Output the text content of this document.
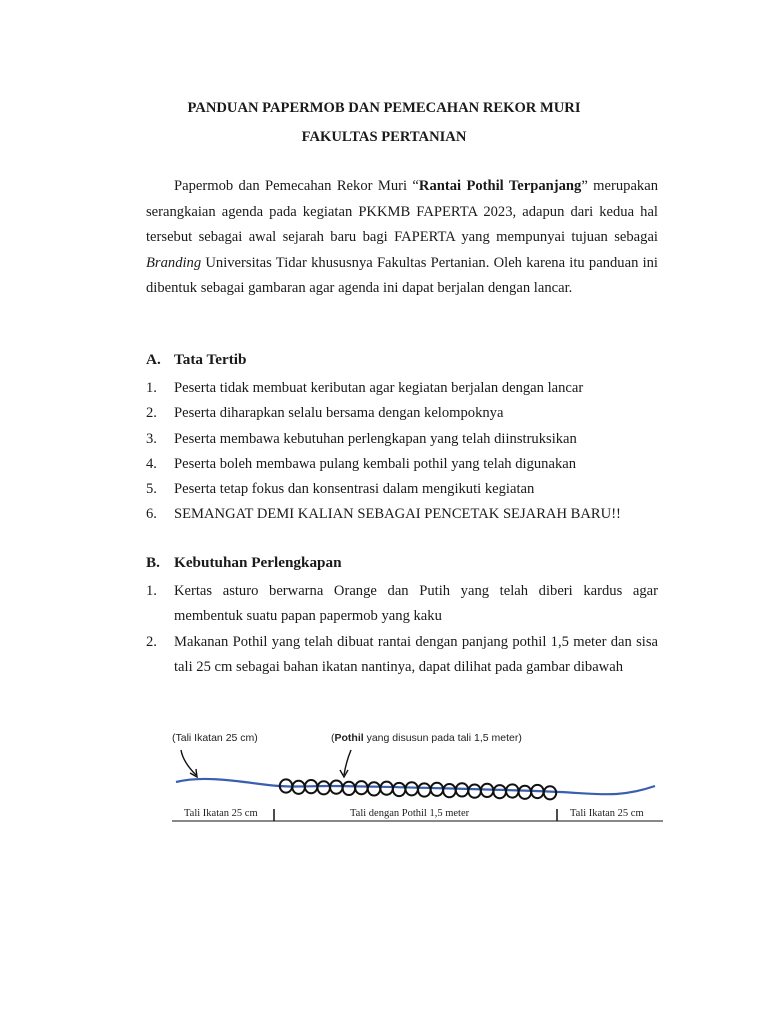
PANDUAN PAPERMOB DAN PEMECAHAN REKOR MURI
FAKULTAS PERTANIAN

Papermob dan Pemecahan Rekor Muri “Rantai Pothil Terpanjang” merupakan serangkaian agenda pada kegiatan PKKMB FAPERTA 2023, adapun dari kedua hal tersebut sebagai awal sejarah baru bagi FAPERTA yang mempunyai tujuan sebagai Branding Universitas Tidar khususnya Fakultas Pertanian. Oleh karena itu panduan ini dibentuk sebagai gambaran agar agenda ini dapat berjalan dengan lancar.

A. Tata Tertib
1.	Peserta tidak membuat keributan agar kegiatan berjalan dengan lancar
2.	Peserta diharapkan selalu bersama dengan kelompoknya
3.	Peserta membawa kebutuhan perlengkapan yang telah diinstruksikan
4.	Peserta boleh membawa pulang kembali pothil yang telah digunakan
5.	Peserta tetap fokus dan konsentrasi dalam mengikuti kegiatan
6.	SEMANGAT DEMI KALIAN SEBAGAI PENCETAK SEJARAH BARU!!
B. Kebutuhan Perlengkapan
1.	Kertas asturo berwarna Orange dan Putih yang telah diberi kardus agar membentuk suatu papan papermob yang kaku
2.	Makanan Pothil yang telah dibuat rantai dengan panjang pothil 1,5 meter dan sisa tali 25 cm sebagai bahan ikatan nantinya, dapat dilihat pada gambar dibawah
(Tali Ikatan 25 cm)	(Pothil yang disusun pada tali 1,5 meter)
Tali Ikatan 25 cm	Tali dengan Pothil 1,5 meter	Tali Ikatan 25 cm
